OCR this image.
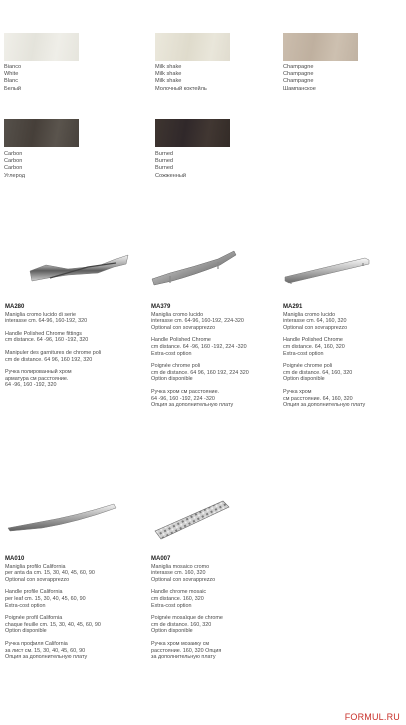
Bianco
White
Blanc
Белый
Milk shake
Milk shake
Milk shake
Молочный коктейль
Champagne
Champagne
Champagne
Шампанское
Carbon
Carbon
Carbon
Углерод
Burned
Burned
Burned
Сожженный
MA280
Maniglia cromo lucido di serie
interasse cm. 64-96, 160-192, 320
Handle Polished Chrome fittings
cm distance. 64 -96, 160 -192, 320
Manipuler des garnitures de chrome poli
cm de distance. 64 96, 160 192, 320
Ручка полированный хром
арматура см расстояние.
64 -96, 160 -192, 320
MA379
Maniglia cromo lucido
interasse cm. 64-96, 160-192, 224-320
Optional con sovrapprezzo
Handle Polished Chrome
cm distance. 64 -96, 160 -192, 224 -320
Extra-cost option
Poignée chrome poli
cm de distance. 64 96, 160 192, 224 320
Option disponible
Ручка хром см расстояние.
64 -96, 160 -192, 224 -320
Опция за дополнительную плату
MA291
Maniglia cromo lucido
interasse cm. 64, 160, 320
Optional con sovrapprezzo
Handle Polished Chrome
cm distance. 64, 160, 320
Extra-cost option
Poignée chrome poli
cm de distance. 64, 160, 320
Option disponible
Ручка хром
см расстояние. 64, 160, 320
Опция за дополнительную плату
MA010
Maniglia profilo California
per anta da cm. 15, 30, 40, 45, 60, 90
Optional con sovrapprezzo
Handle profile California
per leaf cm. 15, 30, 40, 45, 60, 90
Extra-cost option
Poignée profil California
chaque feuille cm. 15, 30, 40, 45, 60, 90
Option disponible
Ручка профиля California
за лист см. 15, 30, 40, 45, 60, 90
Опция за дополнительную плату
MA007
Maniglia mosaico cromo
interasse cm. 160, 320
Optional con sovrapprezzo
Handle chrome mosaic
cm distance. 160, 320
Extra-cost option
Poignée mosaïque de chrome
cm de distance. 160, 320
Option disponible
Ручка хром мозаику см
расстояние. 160, 320 Опция
за дополнительную плату
FORMUL.RU
